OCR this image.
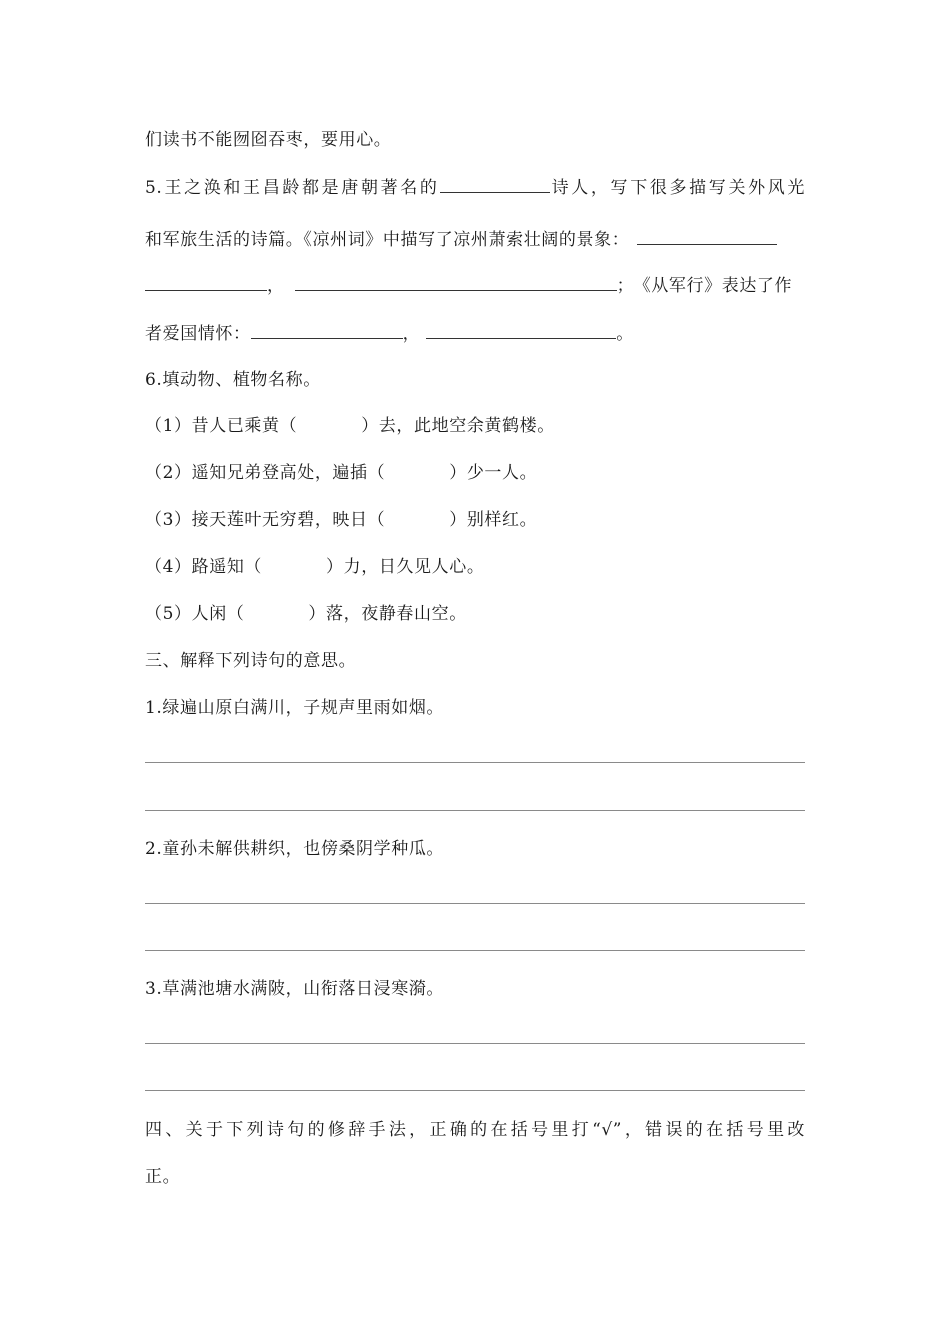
们读书不能囫囵吞枣，要用心。
5.王之涣和王昌龄都是唐朝著名的	诗人，写下很多描写关外风光
和军旅生活的诗篇。《凉州词》中描写了凉州萧索壮阔的景象：
，	； 《从军行》表达了作
者爱国情怀：	，	。
6.填动物、植物名称。
（1）昔人已乘黄（	）去，此地空余黄鹤楼。
（2）遥知兄弟登高处，遍插（	）少一人。
（3）接天莲叶无穷碧，映日（	）别样红。
（4）路遥知（	）力，日久见人心。
（5）人闲（	）落，夜静春山空。
三、解释下列诗句的意思。
1.绿遍山原白满川，子规声里雨如烟。
2.童孙未解供耕织，也傍桑阴学种瓜。
3.草满池塘水满陂，山衔落日浸寒漪。
四、关于下列诗句的修辞手法，正确的在括号里打“√”，错误的在括号里改
正。
